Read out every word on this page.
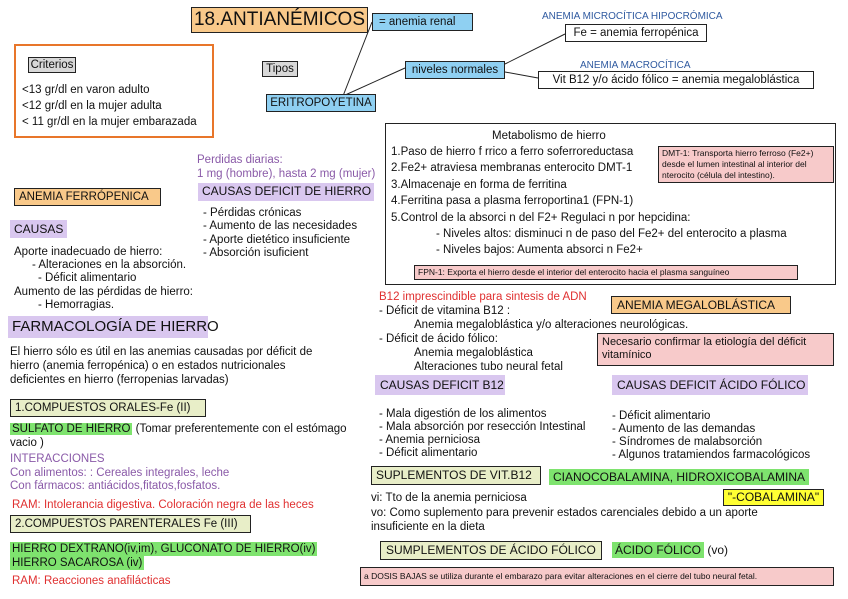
18.ANTIANÉMICOS	= anemia renal
Criterios
<13 gr/dl en varon adulto
<12 gr/dl en la mujer adulta
< 11 gr/dl en la mujer embarazada
Tipos
ERITROPOYETINA
niveles normales
ANEMIA MICROCÍTICA HIPOCRÓMICA
Fe = anemia ferropénica
ANEMIA MACROCÍTICA
Vit B12 y/o ácido fólico = anemia megaloblástica
Metabolismo de hierro
1.Paso de hierro f rrico a ferro soferroreductasa
2.Fe2+ atraviesa membranas enterocito DMT-1
3.Almacenaje en forma de ferritina
4.Ferritina pasa a plasma ferroportina1 (FPN-1)
5.Control de la absorci n del F2+ Regulaci n por hepcidina:
- Niveles altos: disminuci n de paso del Fe2+ del enterocito a plasma
- Niveles bajos: Aumenta absorci n Fe2+
DMT-1: Transporta hierro ferroso (Fe2+)
desde el lumen intestinal al interior del
nterocito (célula del intestino).
FPN-1: Exporta el hierro desde el interior del enterocito hacia el plasma sanguíneo
Perdidas diarias:
1 mg (hombre), hasta 2 mg (mujer)
ANEMIA FERRÓPENICA	CAUSAS DEFICIT DE HIERRO
- Pérdidas crónicas
- Aumento de las necesidades
- Aporte dietético insuficiente
- Absorción isuficient
CAUSAS
Aporte inadecuado de hierro:
- Alteraciones en la absorción.
- Déficit alimentario
Aumento de las pérdidas de hierro:
- Hemorragias.
FARMACOLOGÍA DE HIERRO
El hierro sólo es útil en las anemias causadas por déficit de
hierro (anemia ferropénica) o en estados nutricionales
deficientes en hierro (ferropenias larvadas)
1.COMPUESTOS ORALES-Fe (II)
SULFATO DE HIERRO (Tomar preferentemente con el estómago
vacio )
INTERACCIONES
Con alimentos: : Cereales integrales, leche
Con fármacos: antiácidos,fitatos,fosfatos.
RAM: Intolerancia digestiva. Coloración negra de las heces
2.COMPUESTOS PARENTERALES Fe (III)
HIERRO DEXTRANO(iv,im), GLUCONATO DE HIERRO(iv)
HIERRO SACAROSA (iv)
RAM: Reacciones anafilácticas
B12 imprescindible para sintesis de ADN
- Déficit de vitamina B12 :
Anemia megaloblástica y/o alteraciones neurológicas.
- Déficit de ácido fólico:
Anemia megaloblástica
Alteraciones tubo neural fetal
ANEMIA MEGALOBLÁSTICA
Necesario confirmar la etiología del déficit
vitamínico
CAUSAS DEFICIT B12
- Mala digestión de los alimentos
- Mala absorción por resección Intestinal
- Anemia perniciosa
- Déficit alimentario
CAUSAS DEFICIT ÁCIDO FÓLICO
- Déficit alimentario
- Aumento de las demandas
- Síndromes de malabsorción
- Algunos tratamiendos farmacológicos
SUPLEMENTOS DE VIT.B12	CIANOCOBALAMINA, HIDROXICOBALAMINA
"-COBALAMINA"
vi: Tto de la anemia perniciosa
vo: Como suplemento para prevenir estados carenciales debido a un aporte
insuficiente en la dieta
SUMPLEMENTOS DE ÁCIDO FÓLICO	ÁCIDO FÓLICO (vo)
a DOSIS BAJAS se utiliza durante el embarazo para evitar alteraciones en el cierre del tubo neural fetal.
